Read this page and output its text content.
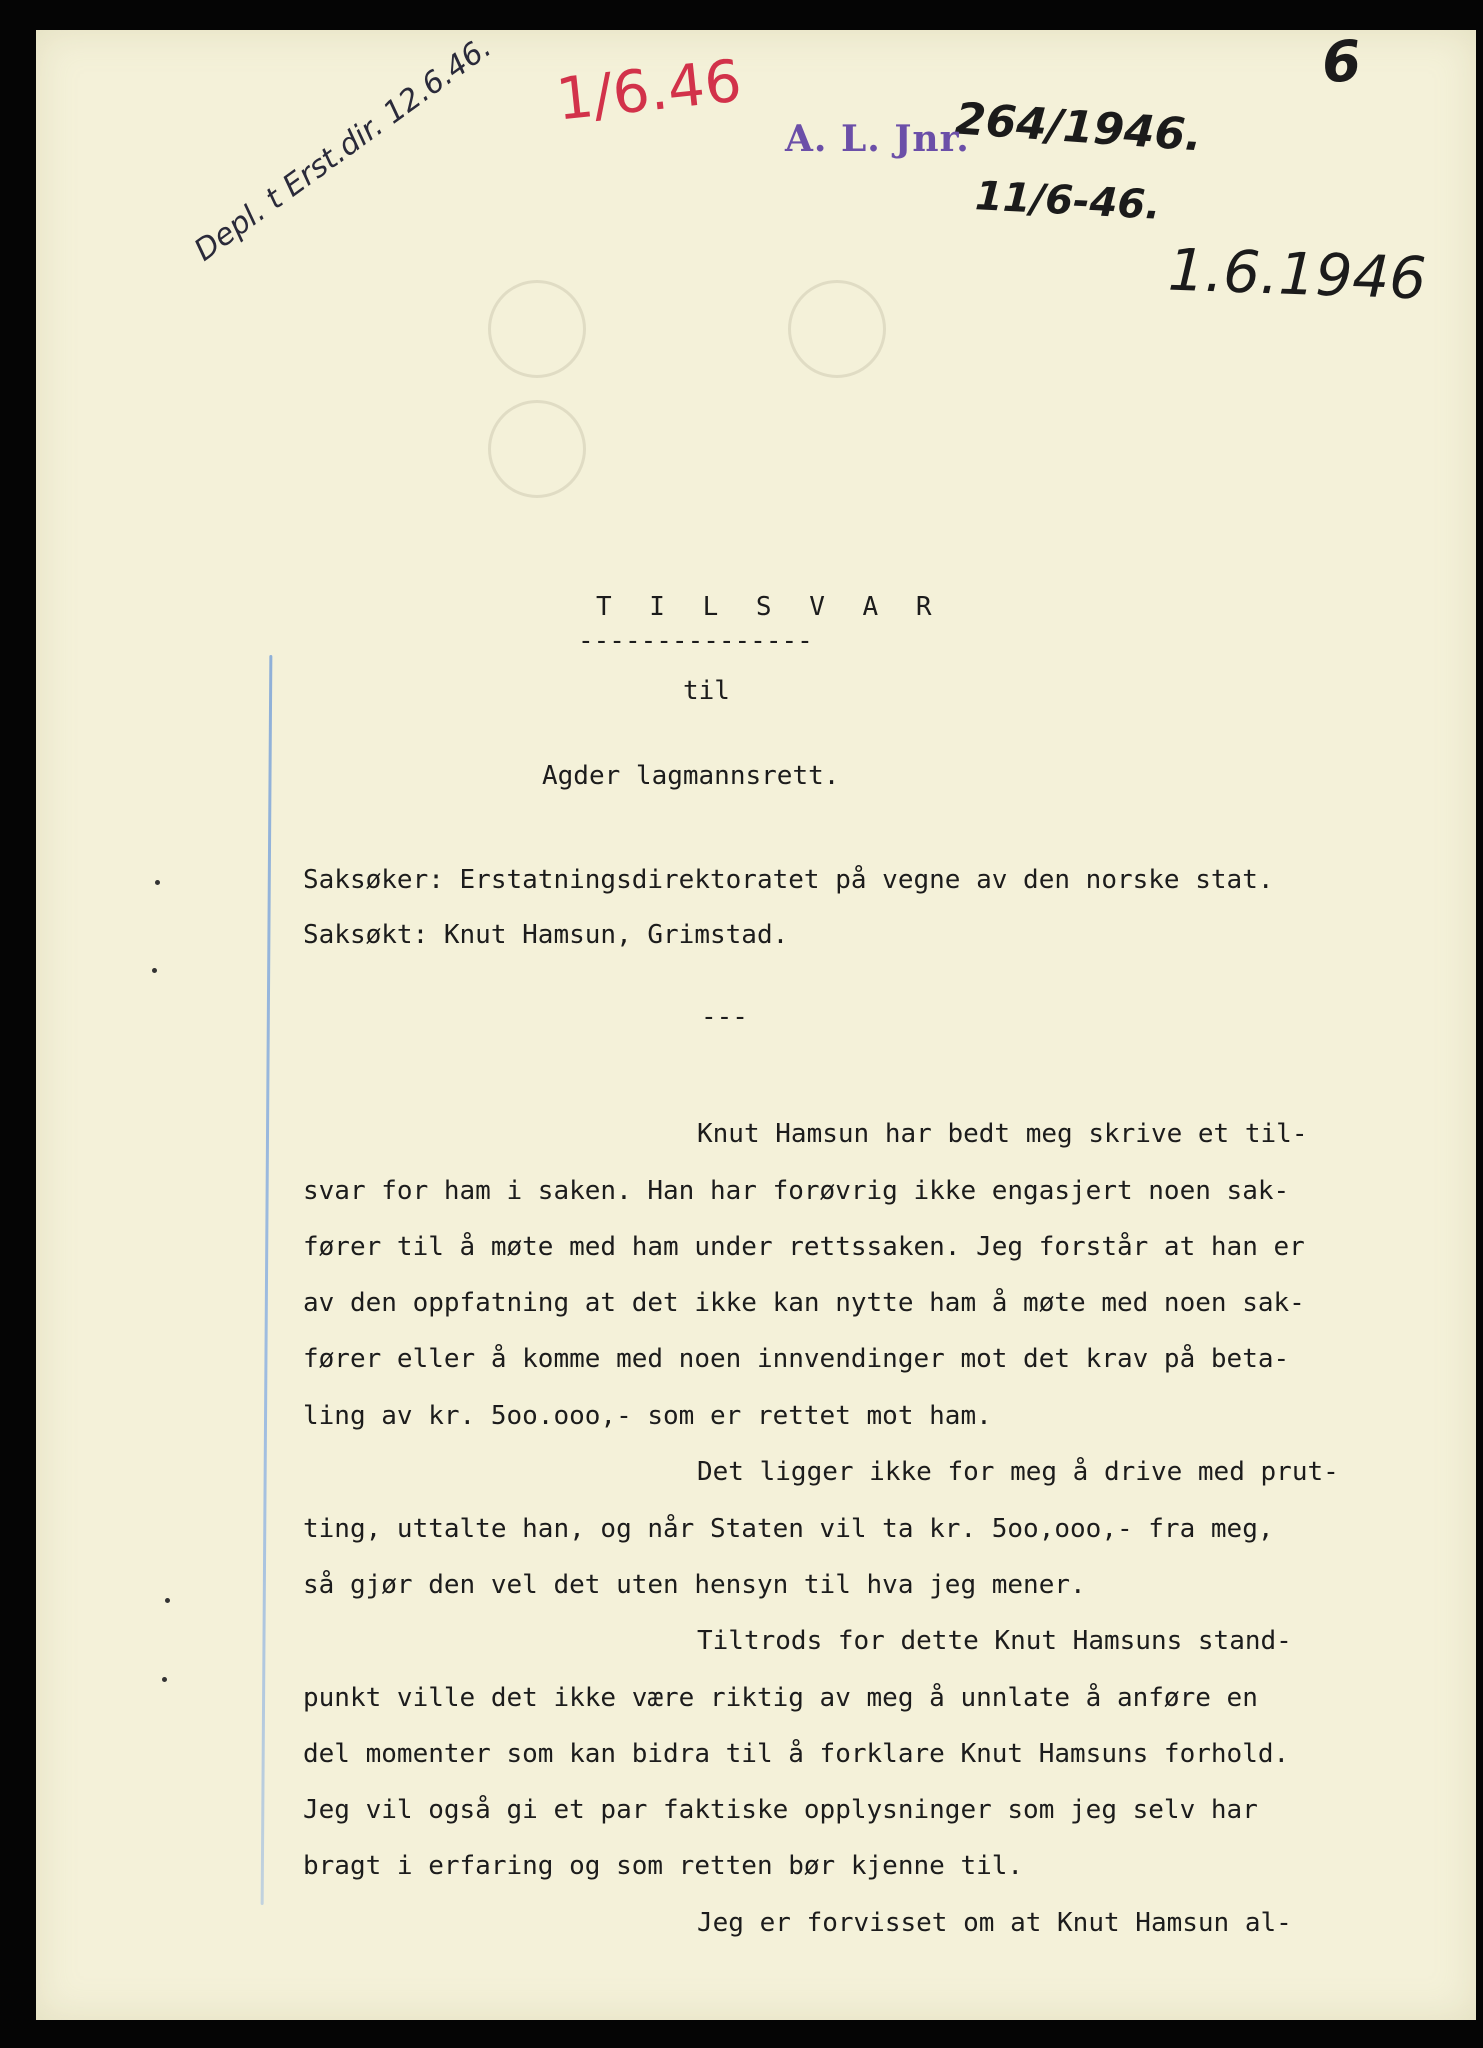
6
264/1946.
11/6-46.
1.6.1946
Depl. t Erst.dir. 12.6.46. 1/6.46
A. L. Jnr.
T I L S V A R
---------------
til
Agder lagmannsrett.
Saksøker: Erstatningsdirektoratet på vegne av den norske stat.
Saksøkt: Knut Hamsun, Grimstad.
---
Knut Hamsun har bedt meg skrive et til-
svar for ham i saken. Han har forøvrig ikke engasjert noen sak-
fører til å møte med ham under rettssaken. Jeg forstår at han er
av den oppfatning at det ikke kan nytte ham å møte med noen sak-
fører eller å komme med noen innvendinger mot det krav på beta-
ling av kr. 5oo.ooo,- som er rettet mot ham.
Det ligger ikke for meg å drive med prut-
ting, uttalte han, og når Staten vil ta kr. 5oo,ooo,- fra meg,
så gjør den vel det uten hensyn til hva jeg mener.
Tiltrods for dette Knut Hamsuns stand-
punkt ville det ikke være riktig av meg å unnlate å anføre en
del momenter som kan bidra til å forklare Knut Hamsuns forhold.
Jeg vil også gi et par faktiske opplysninger som jeg selv har
bragt i erfaring og som retten bør kjenne til.
Jeg er forvisset om at Knut Hamsun al-
